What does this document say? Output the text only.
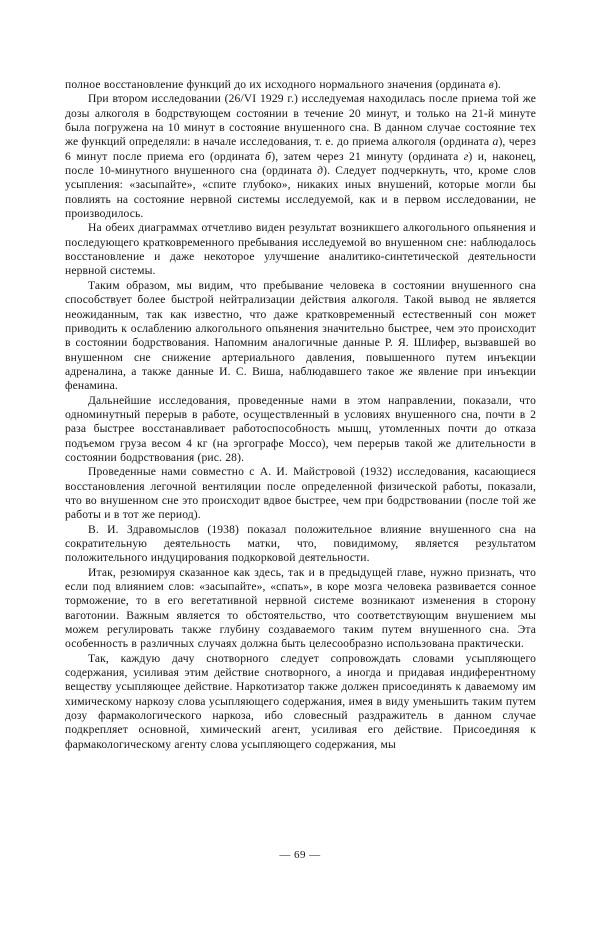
полное восстановление функций до их исходного нормального значения (ордината в).

При втором исследовании (26/VI 1929 г.) исследуемая находилась после приема той же дозы алкоголя в бодрствующем состоянии в течение 20 минут, и только на 21-й минуте была погружена на 10 минут в состояние внушенного сна. В данном случае состояние тех же функций определяли: в начале исследования, т. е. до приема алкоголя (ордината а), через 6 минут после приема его (ордината б), затем через 21 минуту (ордината г) и, наконец, после 10-минутного внушенного сна (ордината д). Следует подчеркнуть, что, кроме слов усыпления: «засыпайте», «спите глубоко», никаких иных внушений, которые могли бы повлиять на состояние нервной системы исследуемой, как и в первом исследовании, не производилось.

На обеих диаграммах отчетливо виден результат возникшего алкогольного опьянения и последующего кратковременного пребывания исследуемой во внушенном сне: наблюдалось восстановление и даже некоторое улучшение аналитико-синтетической деятельности нервной системы.

Таким образом, мы видим, что пребывание человека в состоянии внушенного сна способствует более быстрой нейтрализации действия алкоголя. Такой вывод не является неожиданным, так как известно, что даже кратковременный естественный сон может приводить к ослаблению алкогольного опьянения значительно быстрее, чем это происходит в состоянии бодрствования. Напомним аналогичные данные Р. Я. Шлифер, вызвавшей во внушенном сне снижение артериального давления, повышенного путем инъекции адреналина, а также данные И. С. Виша, наблюдавшего такое же явление при инъекции фенамина.

Дальнейшие исследования, проведенные нами в этом направлении, показали, что одноминутный перерыв в работе, осуществленный в условиях внушенного сна, почти в 2 раза быстрее восстанавливает работоспособность мышц, утомленных почти до отказа подъемом груза весом 4 кг (на эргографе Моссо), чем перерыв такой же длительности в состоянии бодрствования (рис. 28).

Проведенные нами совместно с А. И. Майстровой (1932) исследования, касающиеся восстановления легочной вентиляции после определенной физической работы, показали, что во внушенном сне это происходит вдвое быстрее, чем при бодрствовании (после той же работы и в тот же период).

В. И. Здравомыслов (1938) показал положительное влияние внушенного сна на сократительную деятельность матки, что, повидимому, является результатом положительного индуцирования подкорковой деятельности.

Итак, резюмируя сказанное как здесь, так и в предыдущей главе, нужно признать, что если под влиянием слов: «засыпайте», «спать», в коре мозга человека развивается сонное торможение, то в его вегетативной нервной системе возникают изменения в сторону ваготонии. Важным является то обстоятельство, что соответствующим внушением мы можем регулировать также глубину создаваемого таким путем внушенного сна. Эта особенность в различных случаях должна быть целесообразно использована практически.

Так, каждую дачу снотворного следует сопровождать словами усыпляющего содержания, усиливая этим действие снотворного, а иногда и придавая индиферентному веществу усыпляющее действие. Наркотизатор также должен присоединять к даваемому им химическому наркозу слова усыпляющего содержания, имея в виду уменьшить таким путем дозу фармакологического наркоза, ибо словесный раздражитель в данном случае подкрепляет основной, химический агент, усиливая его действие. Присоединяя к фармакологическому агенту слова усыпляющего содержания, мы

— 69 —
